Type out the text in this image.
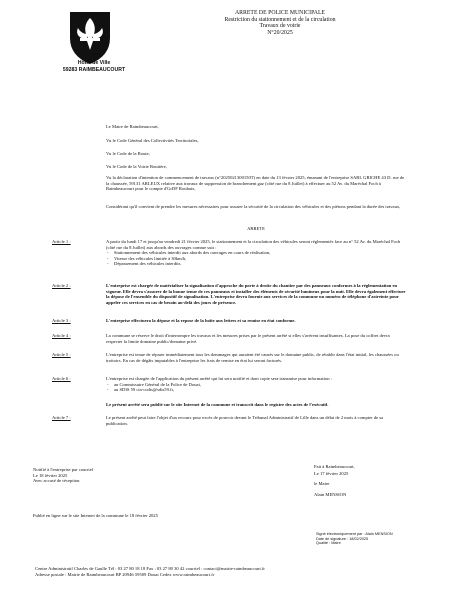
Hôtel de Ville
59283 RAIMBEAUCOURT
ARRETE DE POLICE MUNICIPALE
Restriction du stationnement et de la circulation
Travaux de voirie
N°20/2025
Le Maire de Raimbeaucourt,
Vu le Code Général des Collectivités Territoriales,
Vu le Code de la Route,
Vu le Code de la Voirie Routière,
Vu la déclaration d'intention de commencement de travaux (n°2025021300150T) en date du 13 février 2025, émanant de l'entreprise SARL GRICHE 43 D. rue de la chaussée, 59131 ARLEUX relative aux travaux de suppression de branchement gaz (côté rue du 8 Juillet) à effectuer au 52 Av. du Maréchal Foch à Raimbeaucourt pour le compte d'GrDF Roubaix,
Considérant qu'il convient de prendre les mesures nécessaires pour assurer la sécurité de la circulation des véhicules et des piétons pendant la durée des travaux,
ARRETE
Article 1 :	A partir du lundi 17 et jusqu'au vendredi 21 février 2025, le stationnement et la circulation des véhicules seront réglementés face au n° 52 Av. du Maréchal Foch (côté rue du 8 Juillet) aux abords des ouvrages comme suit :
- Stationnement des véhicules interdit aux abords des ouvrages en cours de réalisation,
- Vitesse des véhicules limitée à 30km/h,
- Dépassement des véhicules interdits.
Article 2 :	L'entreprise est chargée de matérialiser la signalisation d'approche du porte à droite du chantier par des panneaux conformes à la réglementation en vigueur. Elle devra s'assurer de la bonne tenue de ces panneaux et installer des éléments de sécurité lumineux pour la nuit. Elle devra également effectuer la dépose de l'ensemble du dispositif de signalisation. L'entreprise devra fournir aux services de la commune un numéro de téléphone d'astreinte pour appeler ces services en cas de besoin au-delà des jours de présence.
Article 3 :	L'entreprise effectuera la dépose et la repose de la boîte aux lettres et sa remise en état conforme.
Article 4 :	La commune se réserve le droit d'interrompre les travaux et les mesures prises par le présent arrêté si elles s'avèrent insuffisantes. La pose du coffret devra respecter la limite domaine public/domaine privé.
Article 5 :	L'entreprise est tenue de réparer immédiatement tous les dommages qui auraient été causés sur le domaine public, de rétablir dans l'état initial, les chaussées ou trottoirs. En cas de dégâts imputables à l'entreprise les frais de remise en état lui seront facturés.
Article 6 :	L'entreprise est chargée de l'application du présent arrêté qui lui sera notifié et dont copie sera transmise pour information :
- au Commissaire Général de la Police de Douai,
- au SDIS 59 cta-codis@sdis59.fr,
Le présent arrêté sera publié sur le site Internet de la commune et transcrit dans le registre des actes de l'exécutif.
Article 7 :	Le présent arrêté peut faire l'objet d'un recours pour excès de pouvoir devant le Tribunal Administratif de Lille dans un délai de 2 mois à compter de sa publication.
Notifié à l'entreprise par courriel
Le 18 février 2025
Avec accusé de réception
Fait à Raimbeaucourt,
Le 17 février 2025
le Maire
Alain MENSION
Publié en ligne sur le site Internet de la commune le 18 février 2025
Signé électroniquement par : Alain MENSION
Date de signature : 18/02/2025
Qualité : Maire
Centre Administratif Charles de Gaulle Tél : 03 27 80 18 18 Fax : 03 27 80 30 42 courriel : contact@mairie-raimbeaucourt.fr
Adresse postale : Mairie de Raimbeaucourt BP 20946 59509 Douai Cedex www.raimbeaucourt.fr
